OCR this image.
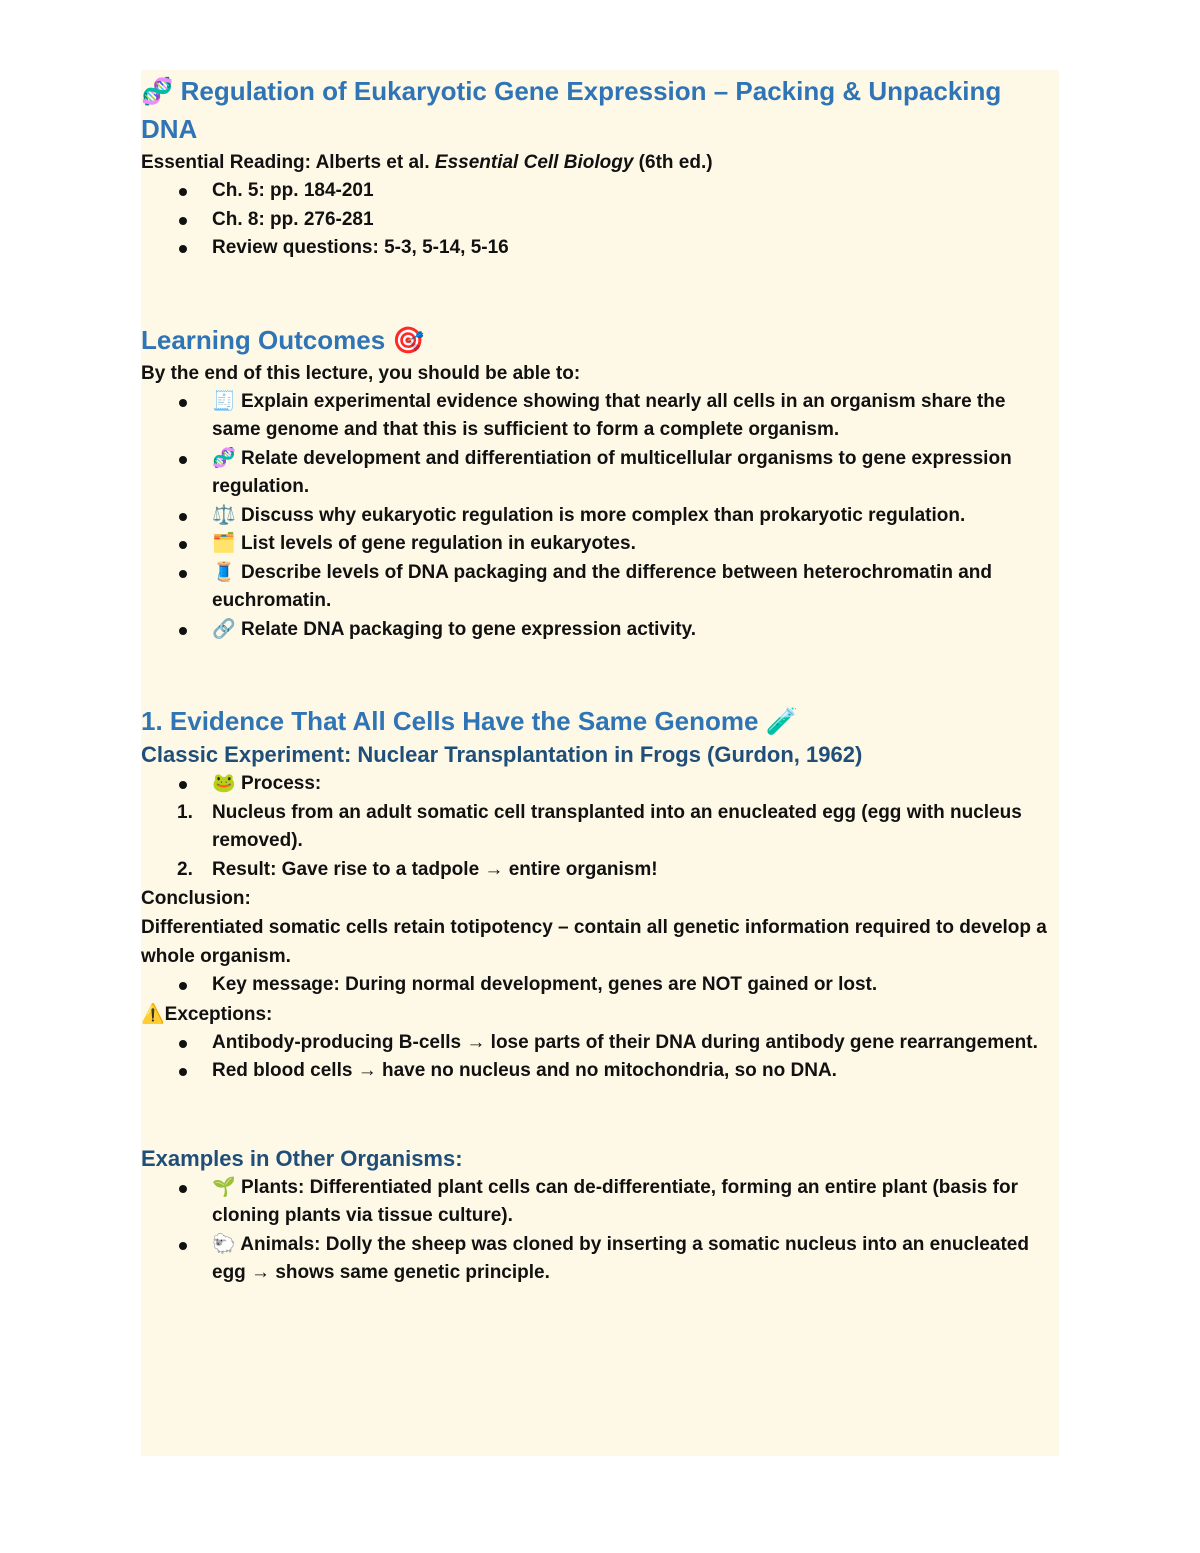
🧬 Regulation of Eukaryotic Gene Expression – Packing & Unpacking DNA

Essential Reading: Alberts et al. Essential Cell Biology (6th ed.)

Ch. 5: pp. 184-201
Ch. 8: pp. 276-281
Review questions: 5-3, 5-14, 5-16
Learning Outcomes 🎯

By the end of this lecture, you should be able to:

🧾 Explain experimental evidence showing that nearly all cells in an organism share the same genome and that this is sufficient to form a complete organism.
🧬 Relate development and differentiation of multicellular organisms to gene expression regulation.
⚖️ Discuss why eukaryotic regulation is more complex than prokaryotic regulation.
🗂️ List levels of gene regulation in eukaryotes.
🧵 Describe levels of DNA packaging and the difference between heterochromatin and euchromatin.
🔗 Relate DNA packaging to gene expression activity.
1. Evidence That All Cells Have the Same Genome 🧪
Classic Experiment: Nuclear Transplantation in Frogs (Gurdon, 1962)
🐸 Process:
1. Nucleus from an adult somatic cell transplanted into an enucleated egg (egg with nucleus removed).
2. Result: Gave rise to a tadpole → entire organism!

Conclusion:

Differentiated somatic cells retain totipotency – contain all genetic information required to develop a whole organism.

Key message: During normal development, genes are NOT gained or lost.

⚠️Exceptions:

Antibody-producing B-cells → lose parts of their DNA during antibody gene rearrangement.
Red blood cells → have no nucleus and no mitochondria, so no DNA.
Examples in Other Organisms:
🌱 Plants: Differentiated plant cells can de-differentiate, forming an entire plant (basis for cloning plants via tissue culture).
🐑 Animals: Dolly the sheep was cloned by inserting a somatic nucleus into an enucleated egg → shows same genetic principle.
